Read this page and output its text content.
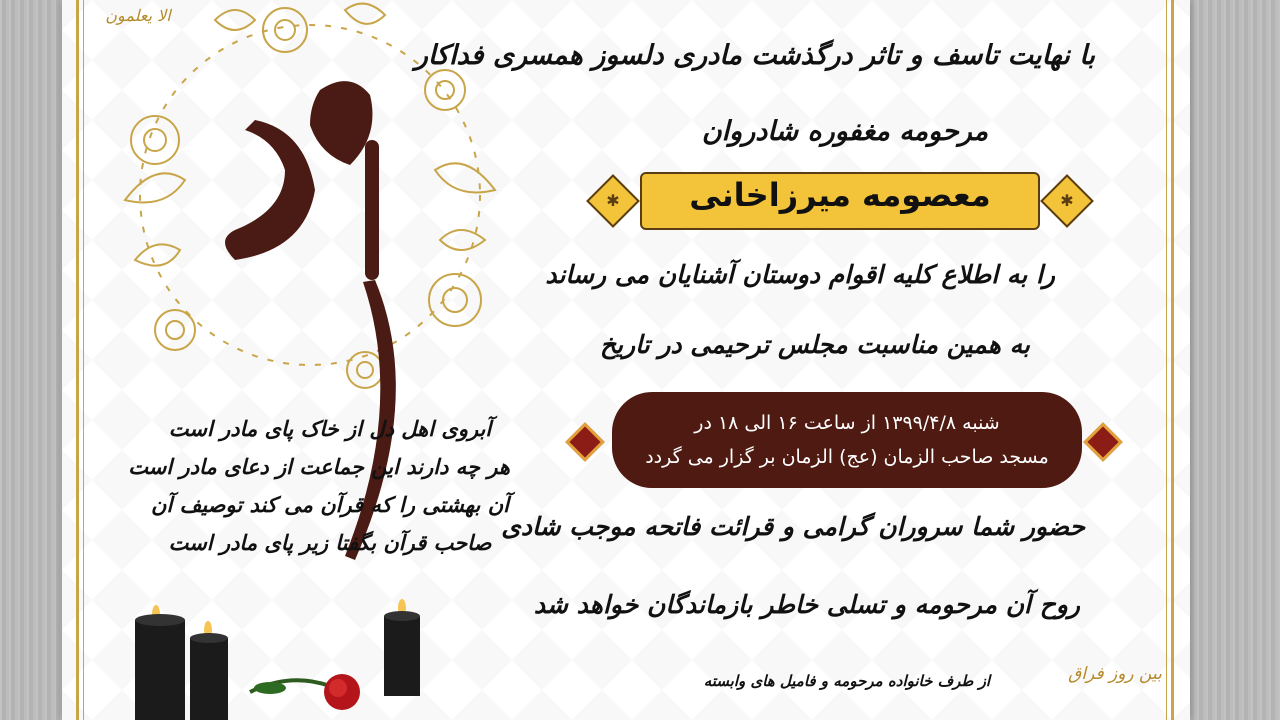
الا يعلمون
بین روز فراق
آبروی اهل دل از خاک پای مادر است
هر چه دارند این جماعت از دعای مادر است
آن بهشتی را که قرآن می کند توصیف آن
صاحب قرآن بگفتا زیر پای مادر است
با نهایت تاسف و تاثر درگذشت مادری دلسوز همسری فداکار
مرحومه مغفوره شادروان
✱	✱
معصومه میرزاخانی
را به اطلاع کلیه اقوام دوستان آشنایان می رساند
به همین مناسبت مجلس ترحیمی در تاریخ
شنبه ۱۳۹۹/۴/۸ از ساعت ۱۶ الی ۱۸ در
مسجد صاحب الزمان (عج) الزمان بر گزار می گردد
حضور شما سروران گرامی و قرائت فاتحه موجب شادی
روح آن مرحومه و تسلی خاطر بازماندگان خواهد شد
از طرف خانواده مرحومه و فامیل های وابسته
